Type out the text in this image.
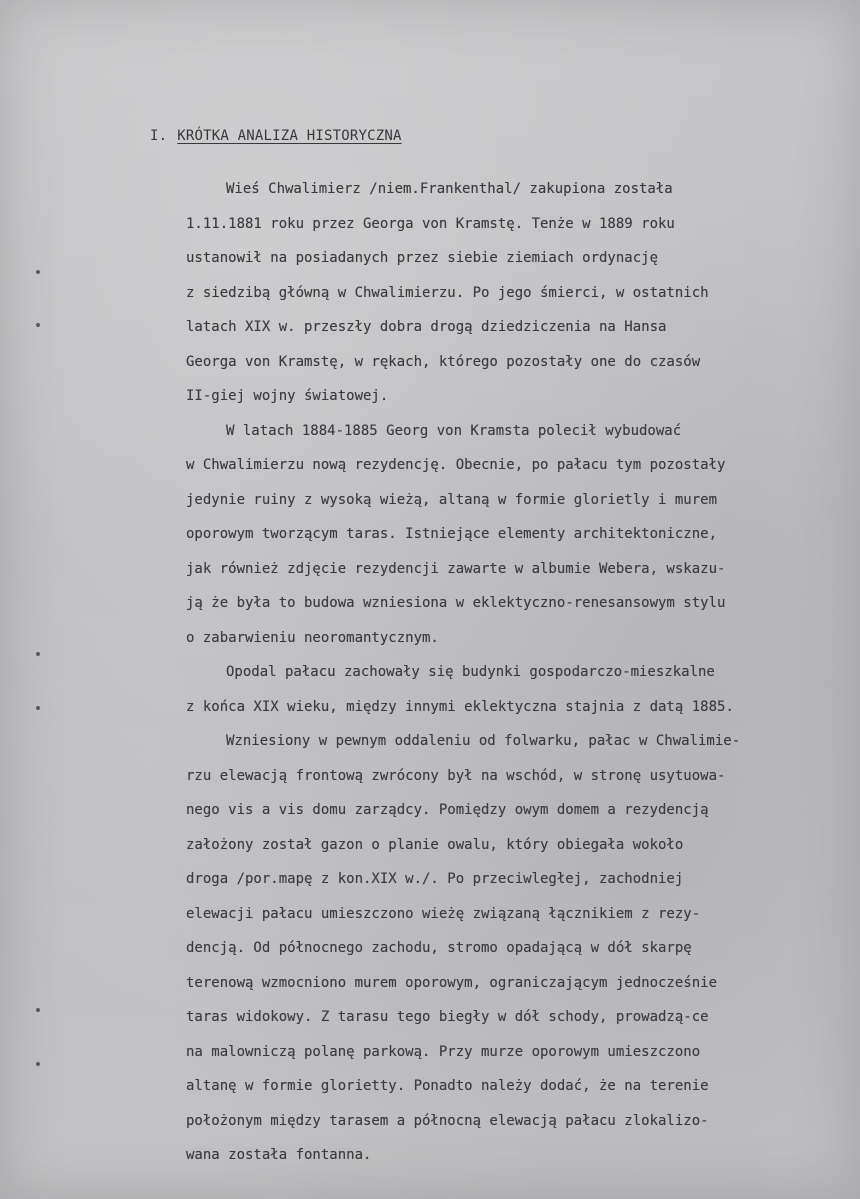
I. KRÓTKA ANALIZA HISTORYCZNA
Wieś Chwalimierz /niem.Frankenthal/ zakupiona została
1.11.1881 roku przez Georga von Kramstę. Tenże w 1889 roku
ustanowił na posiadanych przez siebie ziemiach ordynację
z siedzibą główną w Chwalimierzu. Po jego śmierci, w ostatnich
latach XIX w. przeszły dobra drogą dziedziczenia na Hansa
Georga von Kramstę, w rękach, którego pozostały one do czasów
II-giej wojny światowej.
W latach 1884-1885 Georg von Kramsta polecił wybudować
w Chwalimierzu nową rezydencję. Obecnie, po pałacu tym pozostały
jedynie ruiny z wysoką wieżą, altaną w formie glorietly i murem
oporowym tworzącym taras. Istniejące elementy architektoniczne,
jak również zdjęcie rezydencji zawarte w albumie Webera, wskazu-
ją że była to budowa wzniesiona w eklektyczno-renesansowym stylu
o zabarwieniu neoromantycznym.
Opodal pałacu zachowały się budynki gospodarczo-mieszkalne
z końca XIX wieku, między innymi eklektyczna stajnia z datą 1885.
Wzniesiony w pewnym oddaleniu od folwarku, pałac w Chwalimie-
rzu elewacją frontową zwrócony był na wschód, w stronę usytuowa-
nego vis a vis domu zarządcy. Pomiędzy owym domem a rezydencją
założony został gazon o planie owalu, który obiegała wokoło
droga /por.mapę z kon.XIX w./. Po przeciwległej, zachodniej
elewacji pałacu umieszczono wieżę związaną łącznikiem z rezy-
dencją. Od północnego zachodu, stromo opadającą w dół skarpę
terenową wzmocniono murem oporowym, ograniczającym jednocześnie
taras widokowy. Z tarasu tego biegły w dół schody, prowadzą-ce
na malowniczą polanę parkową. Przy murze oporowym umieszczono
altanę w formie glorietty. Ponadto należy dodać, że na terenie
położonym między tarasem a północną elewacją pałacu zlokalizo-
wana została fontanna.
